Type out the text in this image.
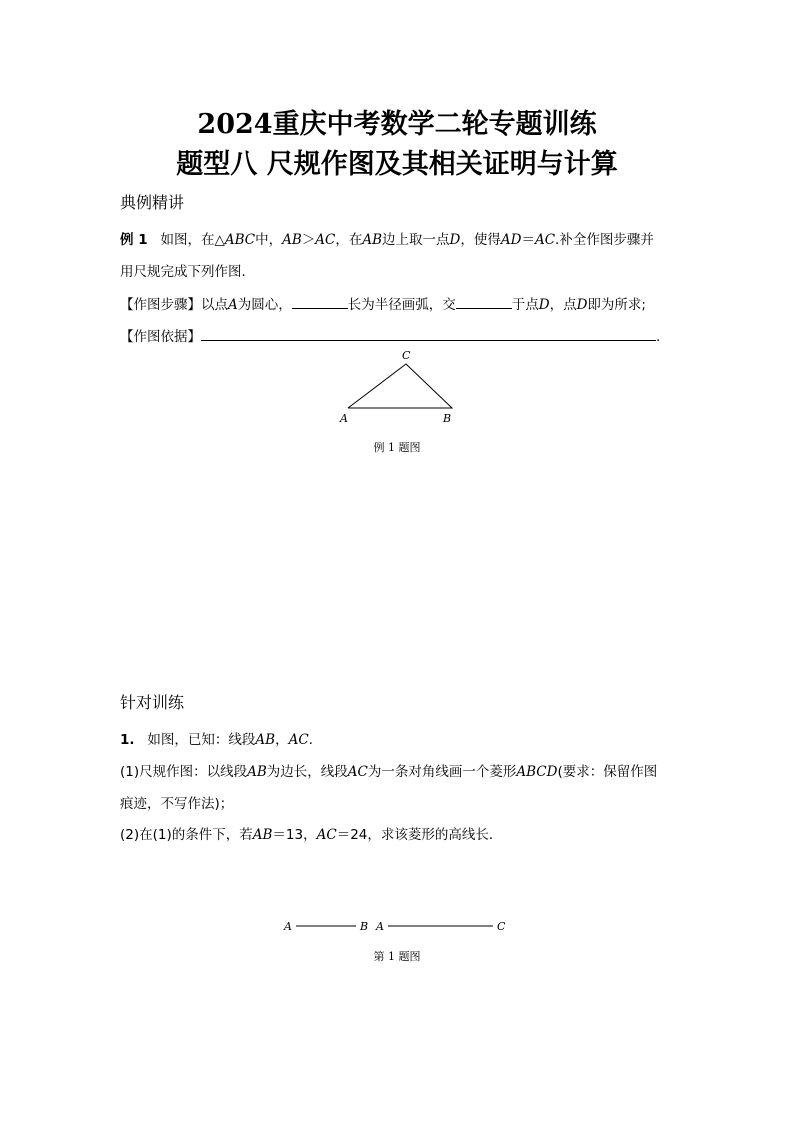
2024重庆中考数学二轮专题训练
题型八 尺规作图及其相关证明与计算
典例精讲
例 1 如图，在△ABC中，AB＞AC，在AB边上取一点D，使得AD＝AC.补全作图步骤并
用尺规完成下列作图．
【作图步骤】以点A为圆心，	长为半径画弧，交	于点D，点D即为所求;
【作图依据】	.
A	B
C
例 1 题图
针对训练
1. 如图，已知：线段AB，AC.
(1)尺规作图：以线段AB为边长，线段AC为一条对角线画一个菱形ABCD(要求：保留作图
痕迹，不写作法)；
(2)在(1)的条件下，若AB＝13，AC＝24，求该菱形的高线长．
A	B A	C
第 1 题图
